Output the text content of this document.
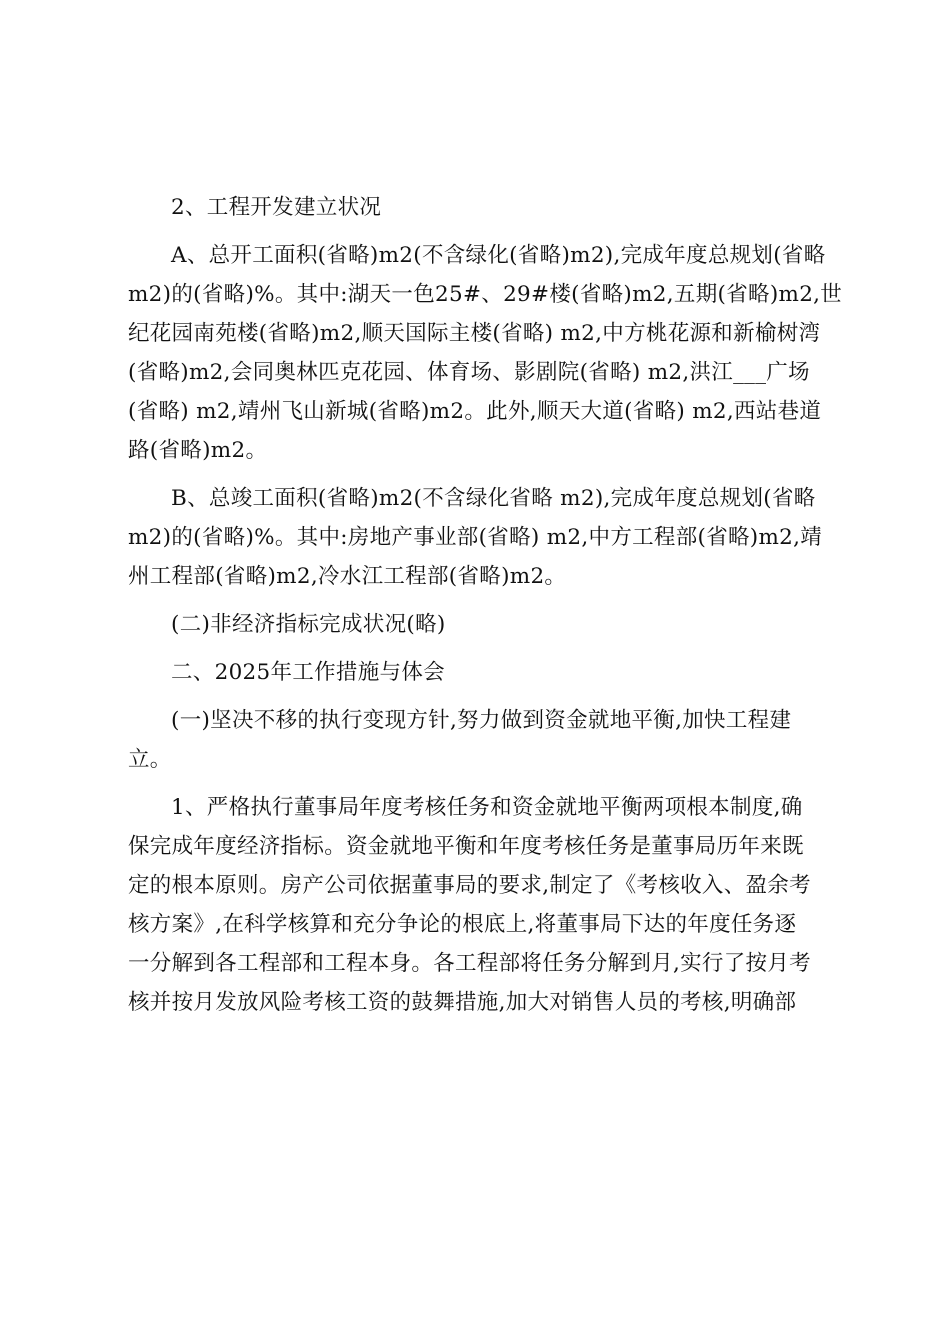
2、工程开发建立状况

A、总开工面积(省略)m2(不含绿化(省略)m2),完成年度总规划(省略
m2)的(省略)%。其中:湖天一色25#、29#楼(省略)m2,五期(省略)m2,世
纪花园南苑楼(省略)m2,顺天国际主楼(省略) m2,中方桃花源和新榆树湾
(省略)m2,会同奥林匹克花园、体育场、影剧院(省略) m2,洪江___广场
(省略) m2,靖州飞山新城(省略)m2。此外,顺天大道(省略) m2,西站巷道
路(省略)m2。

B、总竣工面积(省略)m2(不含绿化省略 m2),完成年度总规划(省略
m2)的(省略)%。其中:房地产事业部(省略) m2,中方工程部(省略)m2,靖
州工程部(省略)m2,冷水江工程部(省略)m2。

(二)非经济指标完成状况(略)

二、2025年工作措施与体会

(一)坚决不移的执行变现方针,努力做到资金就地平衡,加快工程建
立。

1、严格执行董事局年度考核任务和资金就地平衡两项根本制度,确
保完成年度经济指标。资金就地平衡和年度考核任务是董事局历年来既
定的根本原则。房产公司依据董事局的要求,制定了《考核收入、盈余考
核方案》,在科学核算和充分争论的根底上,将董事局下达的年度任务逐
一分解到各工程部和工程本身。各工程部将任务分解到月,实行了按月考
核并按月发放风险考核工资的鼓舞措施,加大对销售人员的考核,明确部
